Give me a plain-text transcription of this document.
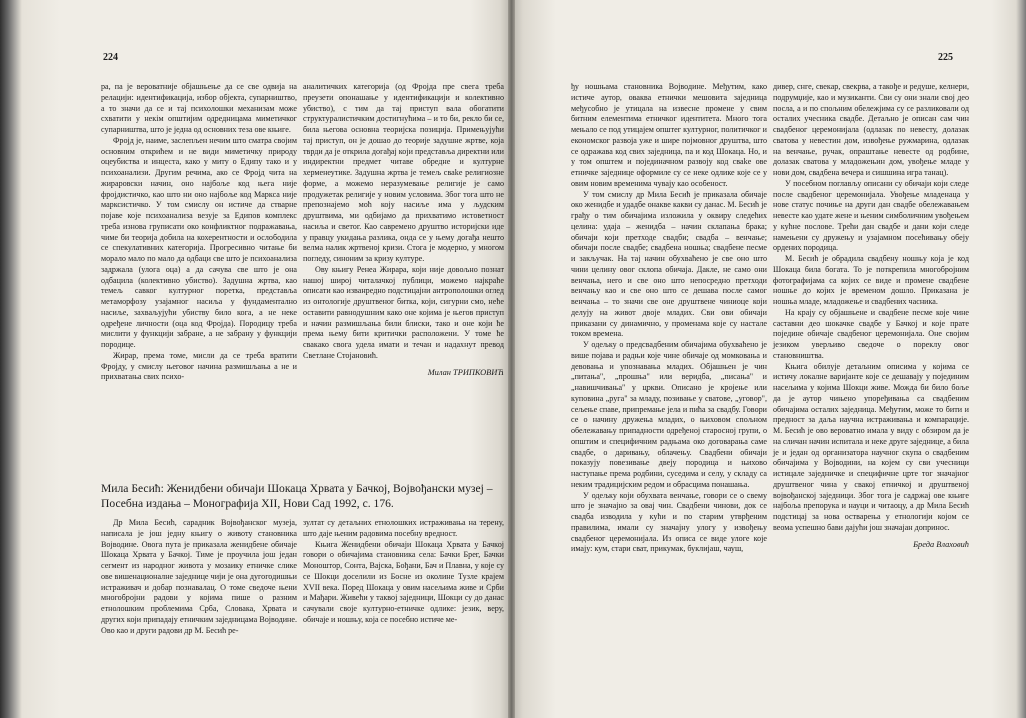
224

ра, па је вероватније објашњење да се све одвија на релацији: идентификација, избор објекта, супарништво, а то значи да се и тај психолошки механизам може схватити у некім општијим одредницама миметичког супарништва, што је једна од основних теза ове књиге.

Фројд је, наиме, заслепљен нечим што сматра својим основним открићем и не види миметичку природу оцеубиства и инцеста, како у миту о Едипу тако и у психоанализи. Другим речима, ако се Фројд чита на жираровски начин, оно најбоље код њега није фројдистичко, као што ни оно најбоље код Маркса није марксистичко. У том смислу он истиче да стварне појаве које психоанализа везује за Едипов комплекс треба изнова груписати око конфликтног подражавања, чиме би теорија добила на кохерентности и ослободила се спекулативних категорија. Прогресивно читање би морало мало по мало да одбаци све што је психоанализа задржала (улога оца) а да сачува све што је она одбацила (колективно убиство). Задушна жртва, као темељ савког културног поретка, представља метаморфозу узајамног насиља у фундаментално насиље, захваљујући убиству било кога, а не неке одређене личности (оца код Фројда). Породицу треба мислити у функцији забране, а не забрану у функцији породице.

Жирар, према томе, мисли да се треба вратити Фројду, у смислу његовог начина размишљања а не и прихватања свих психо-

аналитичких категорија (од Фројда пре свега треба преузети опонашање у идентификацији и колективно убиство), с тим да тај приступ вала обогатити структуралистичким достигнућима – и то би, рекло би се, била његова основна теоријска позиција. Примењујући тај приступ, он је дошао до теорије задушне жртве, која тврди да је открила догађај који представља директни или индиректни предмет читаве обредне и културне херменеутике. Задушна жртва је темељ свake религиозне форме, а можемо неразумевање религије је само продужетак религије у новим условима. Због тога што не препознајемо моћ коју насиље има у људским друштвима, ми одбијамо да прихватимо истоветност насиља и светог. Као савремено друштво историјски иде у правцу укидања разлика, онда се у њему догађа нешто велма налик жртвеној кризи. Стога је модерно, у многом погледу, синоним за кризу културе.

Ову књигу Ренеа Жирара, који није довољно познат нашој широј читалачкој публици, можемо најкраће описати као изванредно подстицајни антрополошки оглед из онтологије друштвеног битка, који, сигурни смо, неће оставити равнодушним како оне којима је његов приступ и начин размишљања били блиски, тако и оне који ће према њему бити критички расположени. У томе ће свакако свога удела имати и течан и надахнут превод Светлане Стојановић.

Милан ТРИПКОВИЋ
Мила Бесић: Женидбени обичаји Шокаца Хрвата у Бачкој, Војвођански музеј – Посебна издања – Монографија XII, Нови Сад 1992, с. 176.

Др Мила Бесић, сарадник Војвођанског музеја, написала је још једну књигу о животу становника Војводине. Овога пута је приказала женидбене обичаје Шокаца Хрвата у Бачкој. Тиме је проучила још један сегмент из народног живота у мозаику етничке слике ове вишенационалне заједнице чији је она дугогодишњи истраживач и добар познавалац. О томе сведоче њени многобројни радови у којима пише о разним етнолошким проблемима Срба, Словака, Хрвата и других који припадају етничким заједницама Војводине. Ово као и други радови др М. Бесић ре-

зултат су детаљних етнолошких истраживања на терену, што даје њеним радовима посебну вредност.

Књига Женидбени обичаји Шокаца Хрвата у Бачкој говори о обичајима становника села: Бачки Брег, Бачки Моноштор, Сонта, Вајска, Бођани, Бач и Плавна, у које су се Шокци доселили из Босне из околине Тузле крајем XVII века. Поред Шокаца у овим насељима живе и Срби и Мађари. Живећи у таквој заједници, Шокци су до данас сачували своје културно-етничке одлике: језик, веру, обичаје и ношњу, која се посебно истиче ме-

225

ђу ношњама становника Војводине. Међутим, како истиче аутор, оваква етнички мешовита заједница међусобно је утицала на извесне промене у свим битним елементима етничког идентитета. Много тога мењало се под утицајем општег културног, политичког и економског развоја уже и шире појмовног друштва, што се одражава код свих заједница, па и код Шокаца. Но, и у том општем и појединачном развоју код свake ове етничке заједнице оформиле су се неке одлике које се у овим новим временима чувају као особеност.

У том смислу др Мила Бесић је приказала обичаје око женидбе и удадбе онакве какви су данас. М. Бесић је грађу о тим обичајима изложила у оквиру следећих целина: удаја – женидба – начин склапања брака; обичаји који претходе свадби; свадба – венчање; обичаји после свадбе; свадбена ношња; свадбене песме и закључак. На тај начин обухваћено је све оно што чини целину овог склопа обичаја. Дакле, не само они венчања, него и све оно што непосредно претходи венчању као и све оно што се дешава после самог венчања – то значи све оне друштвене чиниоце који делују на живот двоје младих. Сви ови обичаји приказани су динамично, у променама које су настале током времена.

У одељку о предсвадбеним обичајима обухваћено је више појава и радњи које чине обичаје од момковања и девовања и упознавања младих. Објашњен је чин „питања", „прошња" или веридба, „писања" и „навишчивања" у цркви. Описано је кројење или куповина „руга" за младу, позивање у сватове, „уговор", сељење спаве, припремање јела и пића за свадбу. Говори се о начину дружења младих, о њиховом спољном обележавању припадности одређеној старосној групи, о општим и специфичним радњама око договарања саме свадбе, о даривању, облачењу. Свадбени обичаји показују повезивање двеју породица и њихово наступање према родбини, суседима и селу, у складу са неким традицијским редом и обрасцима понашања.

У одељку који обухвата венчање, говори се о свему што је значајно за овај чин. Свадбени чинови, док се свадба изводила у кући и по старим утврђеним правилима, имали су значајну улогу у извођењу свадбеног церемонијала. Из описа се виде улоге које имају: кум, стари сват, прикумак, буклијаш, чауш,

дивер, снге, свекар, свекрва, а такође и редуше, келнери, подрумџије, као и музиканти. Сви су они знали свој део посла, а и по спољним обележјима су се разликовали од осталих учесника свадбе. Детаљно је описан сам чин свадбеног церемонијала (одлазак по невесту, долазак сватова у невестин дом, извођење ружмарина, одлазак на венчање, ручак, опраштање невесте од родбине, долазак сватова у младожењин дом, увођење младе у нови дом, свадбена вечера и сишшина игра танац).

У посебном поглављу описани су обичаји који следе после свадбеног церемонијала. Увођење младенаца у нове статус почиње на други дан свадбе обележавањем невесте као удате жене и њеним симболичним увођењем у кућне послове. Трећи дан свадбе и дани који следе намењени су дружењу и узајамном посећивању обеју ордених породица.

М. Бесић је обрадила свадбену ношњу која је код Шокаца била богата. То је поткрепила многобројним фотографијама са којих се виде и промене свадбене ношње до којих је временом дошло. Приказана је ношња младе, младожење и свадбених часника.

На крају су објашњене и свадбене песме које чине саставни део шокачке свадбе у Бачкој и које прате поједине обичаје свадбеног церемонијала. Оне својим језиком уверљиво сведоче о пореклу овог становништва.

Књига обилује детаљним описима у којима се истичу локалне варијанте које се дешавају у појединим насељима у којима Шокци живе. Можда би било боље да је аутор чињено упоређивања са свадбеним обичајима осталих заједница. Међутим, може то бити и предност за даља научна истраживања и компарације. М. Бесић је ово вероватно имала у виду с обзиром да је на сличан начин испитала и неке друге заједнице, а била је и један од организатора научног скупа о свадбеним обичајима у Војводини, на којем су сви учесници истицале заједничке и специфичне црте тог значајног друштвеног чина у свакој етничкој и друштвеној војвођанској заједници. Због тога је садржај ове књиге најбоља препорука и науци и читаоцу, а др Мила Бесић подстицај за нова остварења у етнологији којом се веома успешно бави дајући још значајан допринос.

Бреда Влаховић
